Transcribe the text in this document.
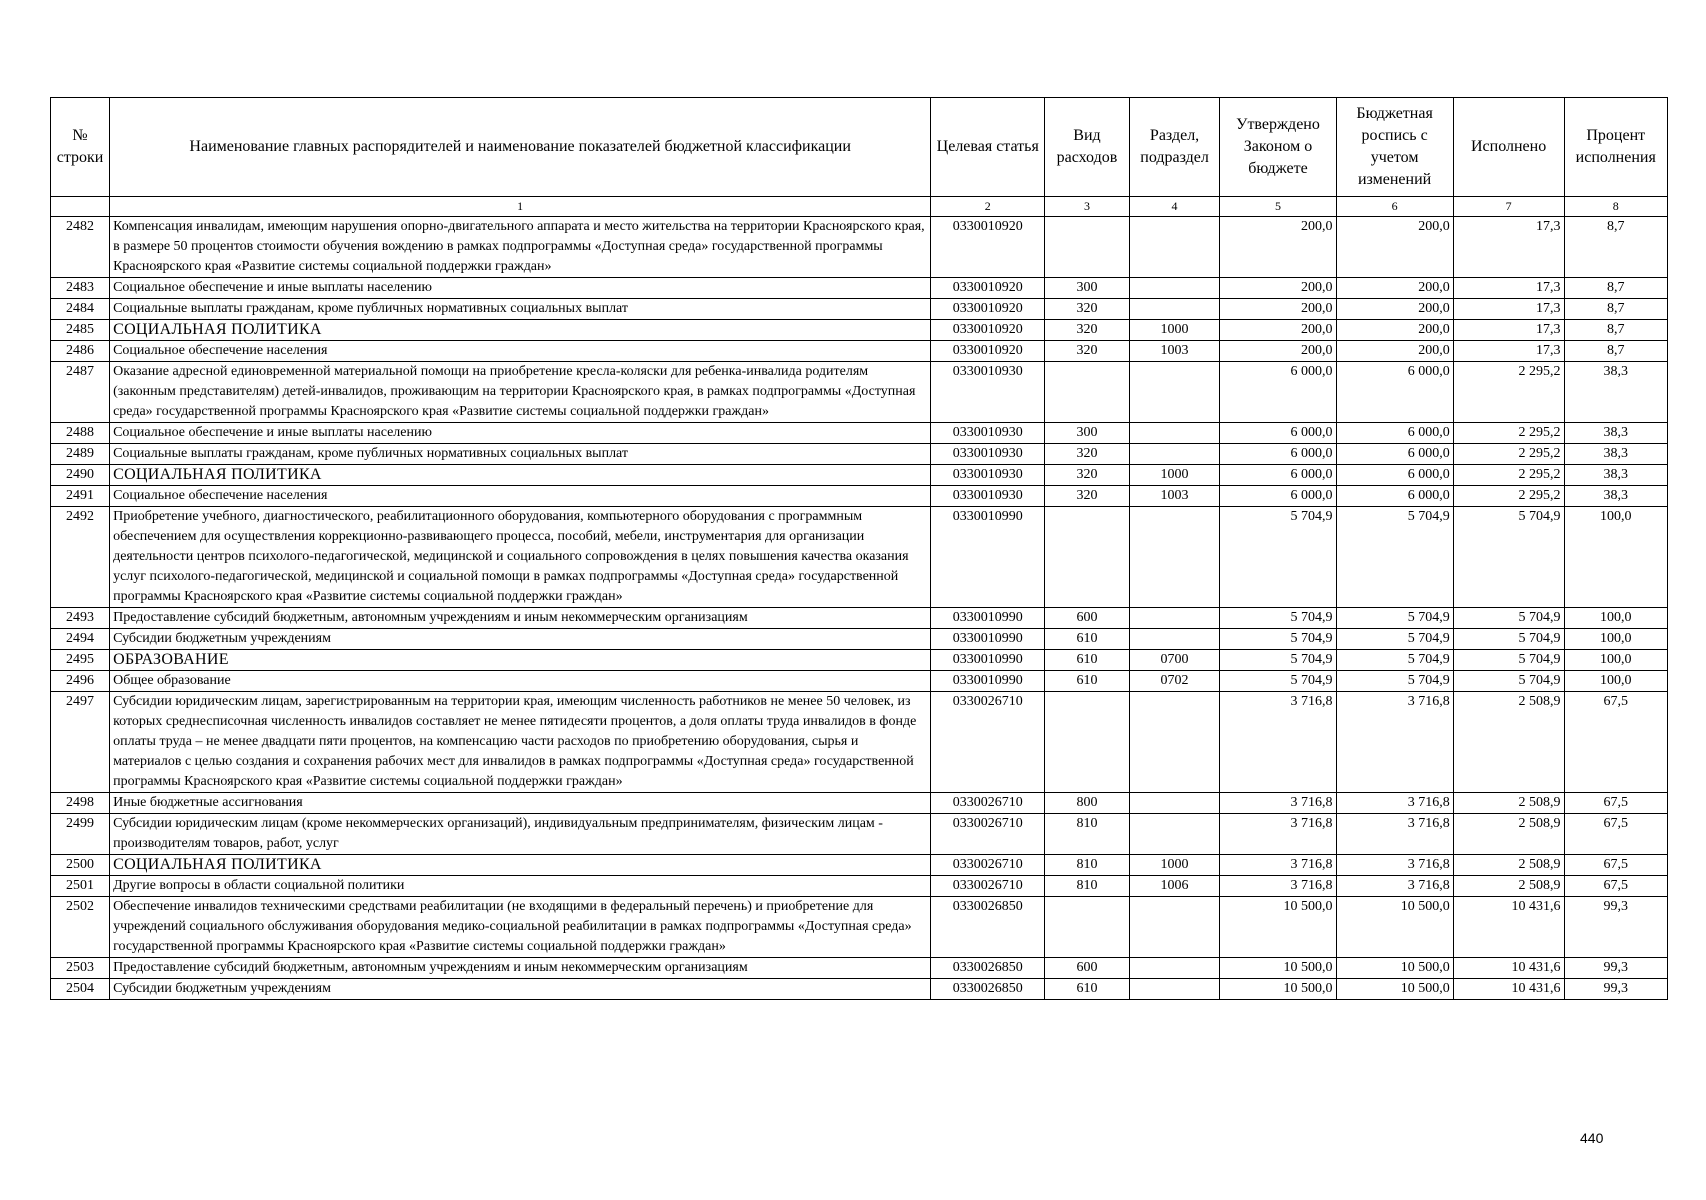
№ строки	Наименование главных распорядителей и наименование показателей бюджетной классификации	Целевая статья	Вид расходов	Раздел, подраздел	Утверждено Законом о бюджете	Бюджетная роспись с учетом изменений	Исполнено	Процент исполнения
	1	2	3	4	5	6	7	8
2482	Компенсация инвалидам, имеющим нарушения опорно-двигательного аппарата и место жительства на территории Красноярского края, в размере 50 процентов стоимости обучения вождению в рамках подпрограммы «Доступная среда» государственной программы Красноярского края «Развитие системы социальной поддержки граждан»	0330010920			200,0	200,0	17,3	8,7
2483	Социальное обеспечение и иные выплаты населению	0330010920	300		200,0	200,0	17,3	8,7
2484	Социальные выплаты гражданам, кроме публичных нормативных социальных выплат	0330010920	320		200,0	200,0	17,3	8,7
2485	СОЦИАЛЬНАЯ ПОЛИТИКА	0330010920	320	1000	200,0	200,0	17,3	8,7
2486	Социальное обеспечение населения	0330010920	320	1003	200,0	200,0	17,3	8,7
2487	Оказание адресной единовременной материальной помощи на приобретение кресла-коляски для ребенка-инвалида родителям (законным представителям) детей-инвалидов, проживающим на территории Красноярского края, в рамках подпрограммы «Доступная среда» государственной программы Красноярского края «Развитие системы социальной поддержки граждан»	0330010930			6 000,0	6 000,0	2 295,2	38,3
2488	Социальное обеспечение и иные выплаты населению	0330010930	300		6 000,0	6 000,0	2 295,2	38,3
2489	Социальные выплаты гражданам, кроме публичных нормативных социальных выплат	0330010930	320		6 000,0	6 000,0	2 295,2	38,3
2490	СОЦИАЛЬНАЯ ПОЛИТИКА	0330010930	320	1000	6 000,0	6 000,0	2 295,2	38,3
2491	Социальное обеспечение населения	0330010930	320	1003	6 000,0	6 000,0	2 295,2	38,3
2492	Приобретение учебного, диагностического, реабилитационного оборудования, компьютерного оборудования с программным обеспечением для осуществления коррекционно-развивающего процесса, пособий, мебели, инструментария для организации деятельности центров психолого-педагогической, медицинской и социального сопровождения в целях повышения качества оказания услуг психолого-педагогической, медицинской и социальной помощи в рамках подпрограммы «Доступная среда» государственной программы Красноярского края «Развитие системы социальной поддержки граждан»	0330010990			5 704,9	5 704,9	5 704,9	100,0
2493	Предоставление субсидий бюджетным, автономным учреждениям и иным некоммерческим организациям	0330010990	600		5 704,9	5 704,9	5 704,9	100,0
2494	Субсидии бюджетным учреждениям	0330010990	610		5 704,9	5 704,9	5 704,9	100,0
2495	ОБРАЗОВАНИЕ	0330010990	610	0700	5 704,9	5 704,9	5 704,9	100,0
2496	Общее образование	0330010990	610	0702	5 704,9	5 704,9	5 704,9	100,0
2497	Субсидии юридическим лицам, зарегистрированным на территории края, имеющим численность работников не менее 50 человек, из которых среднесписочная численность инвалидов составляет не менее пятидесяти процентов, а доля оплаты труда инвалидов в фонде оплаты труда – не менее двадцати пяти процентов, на компенсацию части расходов по приобретению оборудования, сырья и материалов с целью создания и сохранения рабочих мест для инвалидов в рамках подпрограммы «Доступная среда» государственной программы Красноярского края «Развитие системы социальной поддержки граждан»	0330026710			3 716,8	3 716,8	2 508,9	67,5
2498	Иные бюджетные ассигнования	0330026710	800		3 716,8	3 716,8	2 508,9	67,5
2499	Субсидии юридическим лицам (кроме некоммерческих организаций), индивидуальным предпринимателям, физическим лицам - производителям товаров, работ, услуг	0330026710	810		3 716,8	3 716,8	2 508,9	67,5
2500	СОЦИАЛЬНАЯ ПОЛИТИКА	0330026710	810	1000	3 716,8	3 716,8	2 508,9	67,5
2501	Другие вопросы в области социальной политики	0330026710	810	1006	3 716,8	3 716,8	2 508,9	67,5
2502	Обеспечение инвалидов техническими средствами реабилитации (не входящими в федеральный перечень) и приобретение для учреждений социального обслуживания оборудования медико-социальной реабилитации в рамках подпрограммы «Доступная среда» государственной программы Красноярского края «Развитие системы социальной поддержки граждан»	0330026850			10 500,0	10 500,0	10 431,6	99,3
2503	Предоставление субсидий бюджетным, автономным учреждениям и иным некоммерческим организациям	0330026850	600		10 500,0	10 500,0	10 431,6	99,3
2504	Субсидии бюджетным учреждениям	0330026850	610		10 500,0	10 500,0	10 431,6	99,3
440
